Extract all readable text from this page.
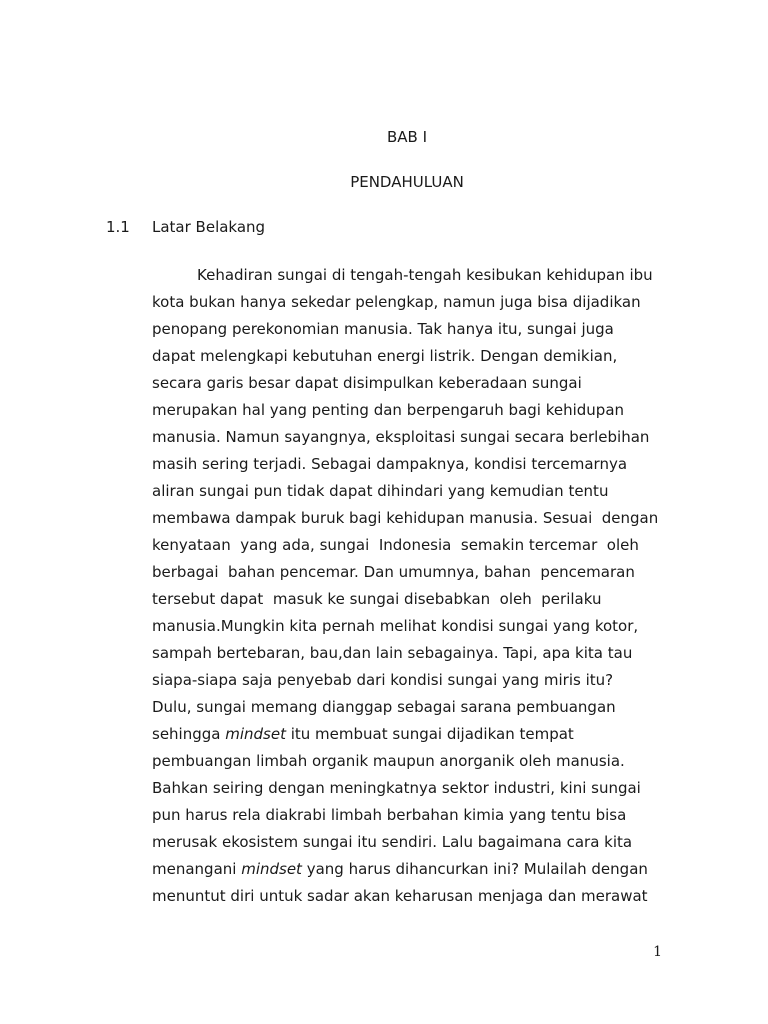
BAB I
PENDAHULUAN
1.1 Latar Belakang
Kehadiran sungai di tengah-tengah kesibukan kehidupan ibu
kota bukan hanya sekedar pelengkap, namun juga bisa dijadikan
penopang perekonomian manusia. Tak hanya itu, sungai juga
dapat melengkapi kebutuhan energi listrik. Dengan demikian,
secara garis besar dapat disimpulkan keberadaan sungai
merupakan hal yang penting dan berpengaruh bagi kehidupan
manusia. Namun sayangnya, eksploitasi sungai secara berlebihan
masih sering terjadi. Sebagai dampaknya, kondisi tercemarnya
aliran sungai pun tidak dapat dihindari yang kemudian tentu
membawa dampak buruk bagi kehidupan manusia. Sesuai  dengan
kenyataan  yang ada, sungai  Indonesia  semakin tercemar  oleh
berbagai  bahan pencemar. Dan umumnya, bahan  pencemaran
tersebut dapat  masuk ke sungai disebabkan  oleh  perilaku
manusia.Mungkin kita pernah melihat kondisi sungai yang kotor,
sampah bertebaran, bau,dan lain sebagainya. Tapi, apa kita tau
siapa-siapa saja penyebab dari kondisi sungai yang miris itu?
Dulu, sungai memang dianggap sebagai sarana pembuangan
sehingga mindset itu membuat sungai dijadikan tempat
pembuangan limbah organik maupun anorganik oleh manusia.
Bahkan seiring dengan meningkatnya sektor industri, kini sungai
pun harus rela diakrabi limbah berbahan kimia yang tentu bisa
merusak ekosistem sungai itu sendiri. Lalu bagaimana cara kita
menangani mindset yang harus dihancurkan ini? Mulailah dengan
menuntut diri untuk sadar akan keharusan menjaga dan merawat
1
